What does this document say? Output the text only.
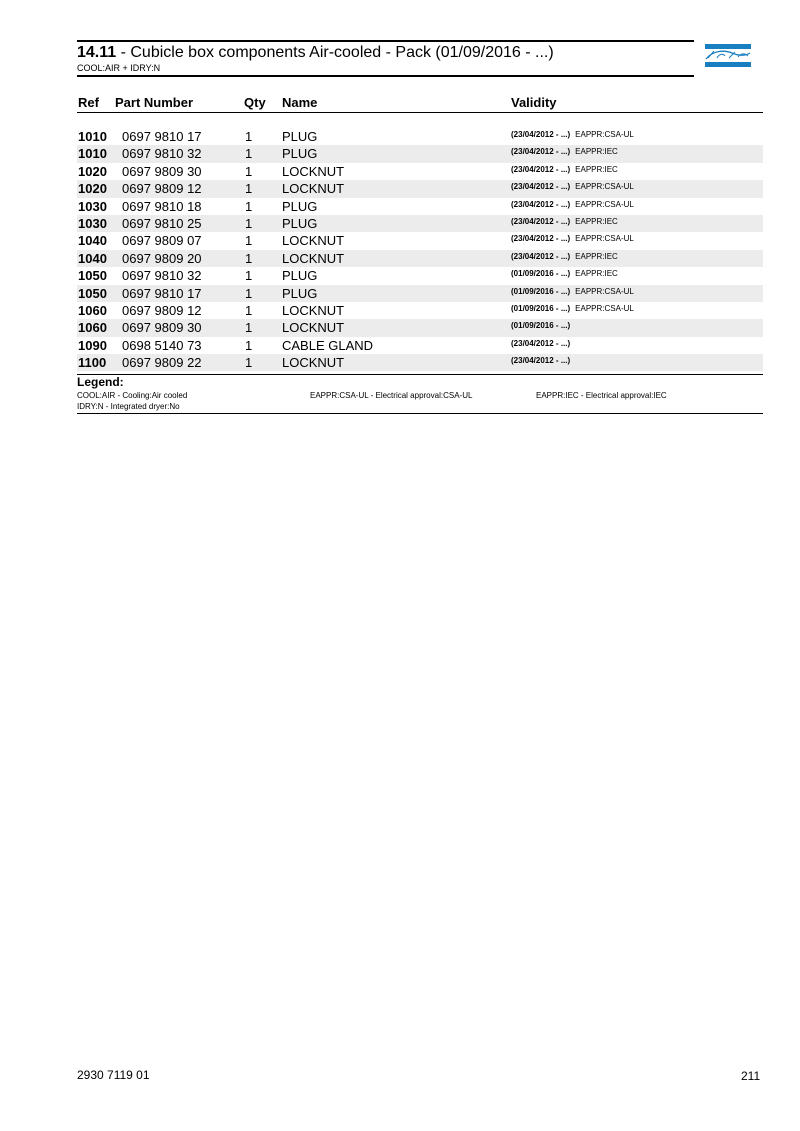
14.11 - Cubicle box components Air-cooled - Pack (01/09/2016 - ...)
COOL:AIR + IDRY:N
Ref Part Number	Qty Name	Validity
1010 0697 9810 17	1 PLUG	(23/04/2012 - ...) EAPPR:CSA-UL
1010 0697 9810 32	1 PLUG	(23/04/2012 - ...) EAPPR:IEC
1020 0697 9809 30	1 LOCKNUT	(23/04/2012 - ...) EAPPR:IEC
1020 0697 9809 12	1 LOCKNUT	(23/04/2012 - ...) EAPPR:CSA-UL
1030 0697 9810 18	1 PLUG	(23/04/2012 - ...) EAPPR:CSA-UL
1030 0697 9810 25	1 PLUG	(23/04/2012 - ...) EAPPR:IEC
1040 0697 9809 07	1 LOCKNUT	(23/04/2012 - ...) EAPPR:CSA-UL
1040 0697 9809 20	1 LOCKNUT	(23/04/2012 - ...) EAPPR:IEC
1050 0697 9810 32	1 PLUG	(01/09/2016 - ...) EAPPR:IEC
1050 0697 9810 17	1 PLUG	(01/09/2016 - ...) EAPPR:CSA-UL
1060 0697 9809 12	1 LOCKNUT	(01/09/2016 - ...) EAPPR:CSA-UL
1060 0697 9809 30	1 LOCKNUT	(01/09/2016 - ...)
1090 0698 5140 73	1 CABLE GLAND	(23/04/2012 - ...)
1100 0697 9809 22	1 LOCKNUT	(23/04/2012 - ...)
Legend:
COOL:AIR - Cooling:Air cooled
IDRY:N - Integrated dryer:No
EAPPR:CSA-UL - Electrical approval:CSA-UL	EAPPR:IEC - Electrical approval:IEC
2930 7119 01	211
